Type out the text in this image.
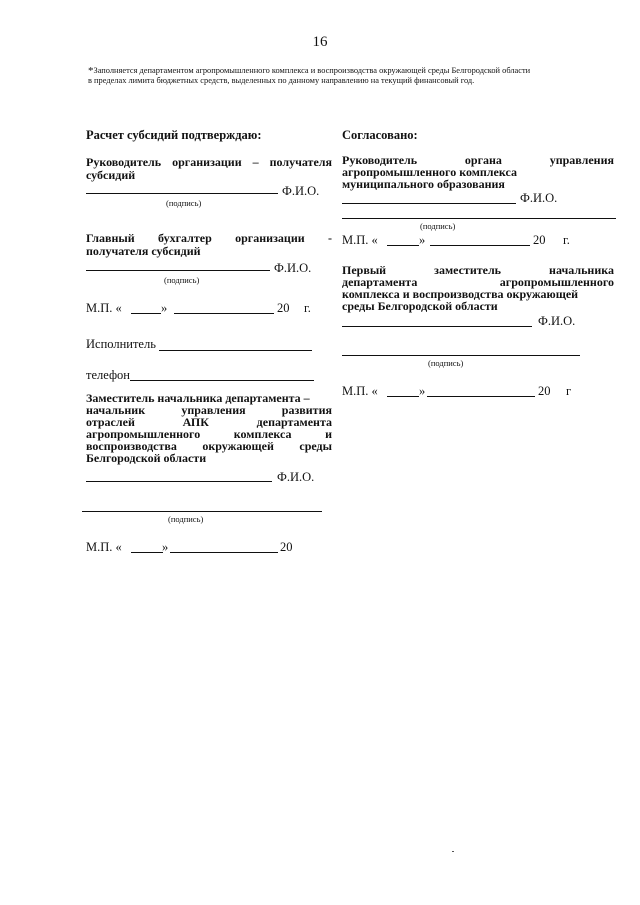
16
*Заполняется департаментом агропромышленного комплекса и воспроизводства окружающей среды Белгородской области
в пределах лимита бюджетных средств, выделенных по данному направлению на текущий финансовый год.
Расчет субсидий подтверждаю:
Руководитель организации – получателя
субсидий
Ф.И.О.
(подпись)
Главный бухгалтер организации -
получателя субсидий
Ф.И.О.
(подпись)
М.П. «	»	20 г.
Исполнитель
телефон
Заместитель начальника департамента –
начальник	управления	развития
отраслей	АПК	департамента
агропромышленного	комплекса	и
воспроизводства окружающей среды
Белгородской области
Ф.И.О.
(подпись)
М.П. «	»	20
Согласовано:
Руководитель	органа	управления
агропромышленного комплекса
муниципального образования
Ф.И.О.
(подпись)
М.П. «	»	20 г.
Первый	заместитель	начальника
департамента	агропромышленного
комплекса и воспроизводства окружающей
среды Белгородской области
Ф.И.О.
(подпись)
М.П. «	»	20 г
